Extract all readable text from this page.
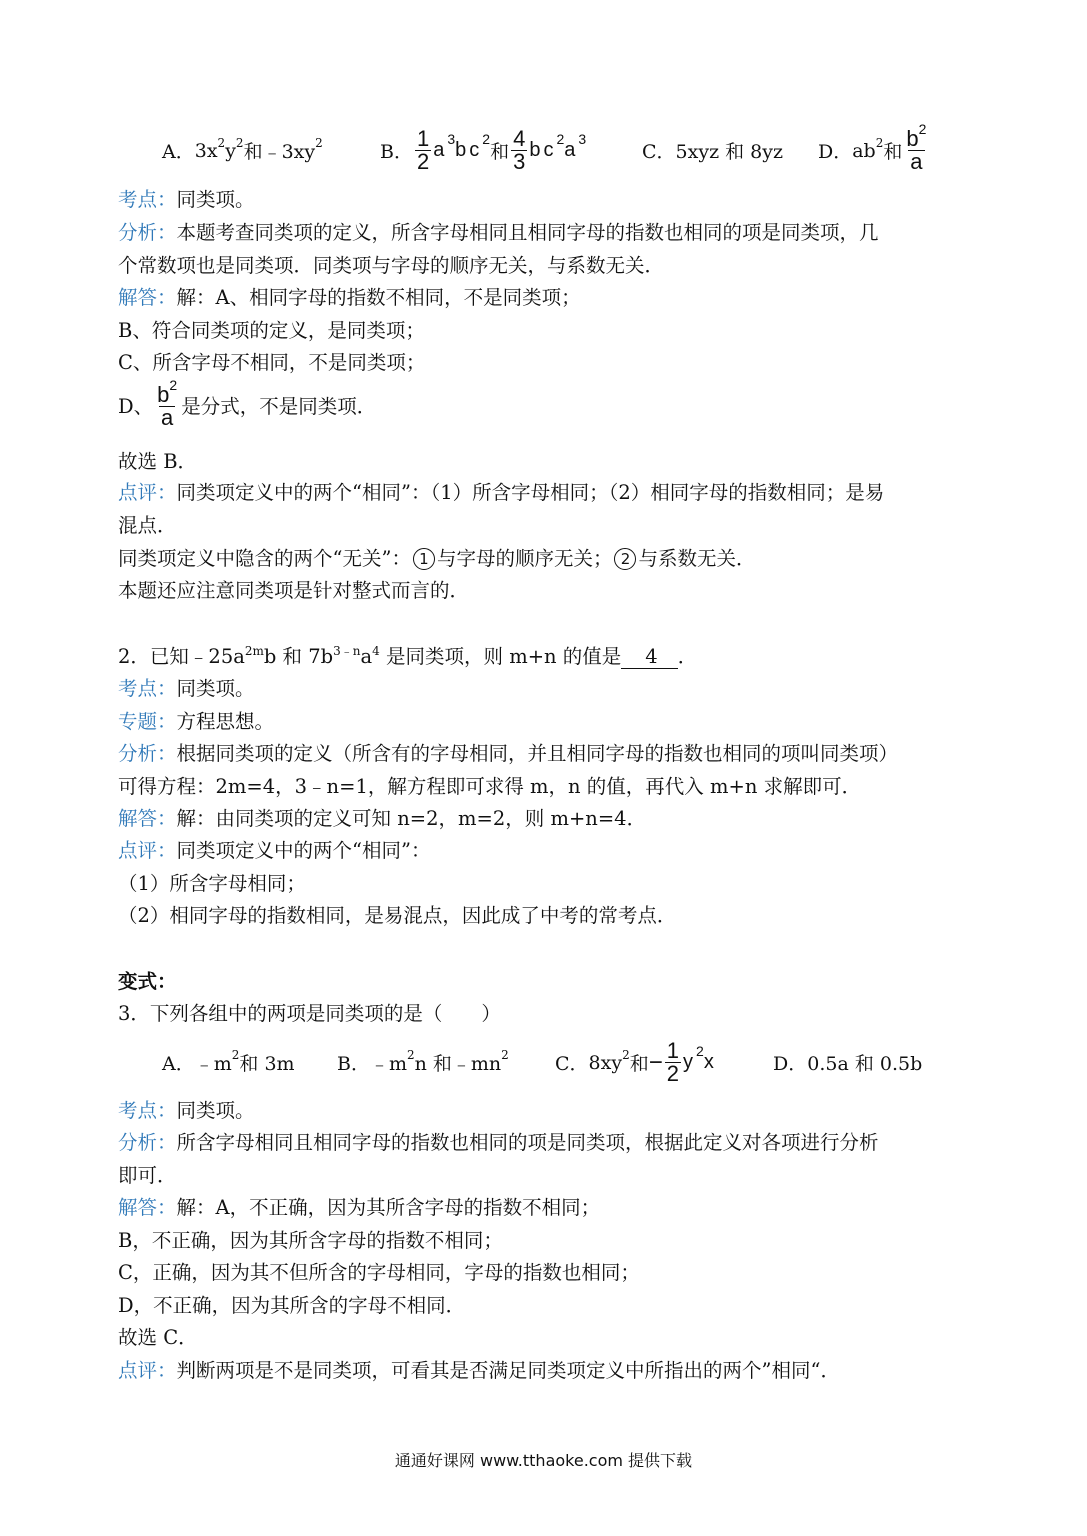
A． $3x^2$ $y^2$ 和$﹣3xy^2$	B． $\frac{1}{2}$ a
3
bc
2
和 $\frac{4}{3}$ bc
2
a
3
C． 5xyz 和 8yz D． $ab^2$ 和 $\frac{b^2}{a}$
考点：同类项。
分析：本题考查同类项的定义，所含字母相同且相同字母的指数也相同的项是同类项，几
个常数项也是同类项．同类项与字母的顺序无关，与系数无关．
解答：解：A、相同字母的指数不相同，不是同类项；
B、符合同类项的定义，是同类项；
C、所含字母不相同，不是同类项；
D、 $\frac{b^2}{a}$ 是分式，不是同类项．
故选 B．
点评：同类项定义中的两个“相同”：（1）所含字母相同；（2）相同字母的指数相同；是易
混点．
同类项定义中隐含的两个“无关”： 1 与字母的顺序无关； 2 与系数无关．
本题还应注意同类项是针对整式而言的．
2．已知$﹣25a^{2m}b$ 和 $7b^{3﹣n}a^4$ 是同类项，则 m+n 的值是 4 ．
考点：同类项。
专题：方程思想。
分析：根据同类项的定义（所含有的字母相同，并且相同字母的指数也相同的项叫同类项）
可得方程：2m=4，3﹣n=1，解方程即可求得 m，n 的值，再代入 m+n 求解即可．
解答：解：由同类项的定义可知 n=2，m=2，则 m+n=4．
点评：同类项定义中的两个“相同”：
（1）所含字母相同；
（2）相同字母的指数相同，是易混点，因此成了中考的常考点．
变式：
3．下列各组中的两项是同类项的是（　　）
A． $﹣m^2$ 和 3m B． $﹣m^2$ n 和$﹣mn^2$ C． $8xy^2$ 和 − $\frac{1}{2}$ y
2
x	D． 0.5a 和 0.5b
考点：同类项。
分析：所含字母相同且相同字母的指数也相同的项是同类项，根据此定义对各项进行分析
即可．
解答：解：A，不正确，因为其所含字母的指数不相同；
B，不正确，因为其所含字母的指数不相同；
C，正确，因为其不但所含的字母相同，字母的指数也相同；
D，不正确，因为其所含的字母不相同．
故选 C．
点评：判断两项是不是同类项，可看其是否满足同类项定义中所指出的两个”相同“．
通通好课网 www.tthaoke.com 提供下载
